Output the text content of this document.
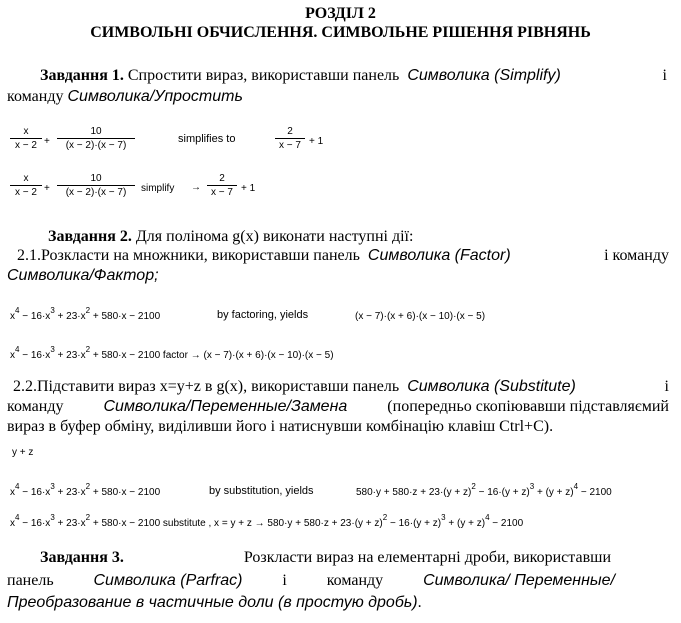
РОЗДІЛ 2
СИМВОЛЬНІ ОБЧИСЛЕННЯ. СИМВОЛЬНЕ РІШЕННЯ РІВНЯНЬ
Завдання 1. Спростити вираз, використавши панель Символика (Simplify)	і
команду Символика/Упростить
$\frac{x}{x - 2} + \frac{10}{(x - 2)\cdot(x - 7)}$	simplifies to	$\frac{2}{x - 7} + 1$
$\frac{x}{x - 2} + \frac{10}{(x - 2)\cdot(x - 7)}$ simplify → $\frac{2}{x - 7} + 1$
Завдання 2. Для полінома g(x) виконати наступні дії:
2.1.Розкласти на множники, використавши панель Символика (Factor)	і команду
Символика/Фактор;
$x^4 - 16\cdot x^3 + 23\cdot x^2 + 580\cdot x - 2100$	by factoring, yields	(x − 7)·(x + 6)·(x − 10)·(x − 5)
$x^4 - 16\cdot x^3 + 23\cdot x^2 + 580\cdot x - 2100$ factor → (x − 7)·(x + 6)·(x − 10)·(x − 5)
2.2.Підставити вираз x=y+z в g(x), використавши панель Символика (Substitute)	і
команду	Символика/Переменные/Замена	(попередньо скопіювавши підставляємий
вираз в буфер обміну, виділивши його і натиснувши комбінацію клавіш Ctrl+C).
y + z
$x^4 - 16\cdot x^3 + 23\cdot x^2 + 580\cdot x - 2100$	by substitution, yields	$580\cdot y + 580\cdot z + 23\cdot(y + z)^2 - 16\cdot(y + z)^3 + (y + z)^4 - 2100$
$x^4 - 16\cdot x^3 + 23\cdot x^2 + 580\cdot x - 2100$ substitute , $x = y + z \to 580\cdot y + 580\cdot z + 23\cdot(y + z)^2 - 16\cdot(y + z)^3 + (y + z)^4 - 2100$
Завдання 3.	Розкласти вираз на елементарні дроби, використавши
панель Символика (Parfrac) і команду Символика/ Переменные/
Преобразование в частичные доли (в простую дробь).
